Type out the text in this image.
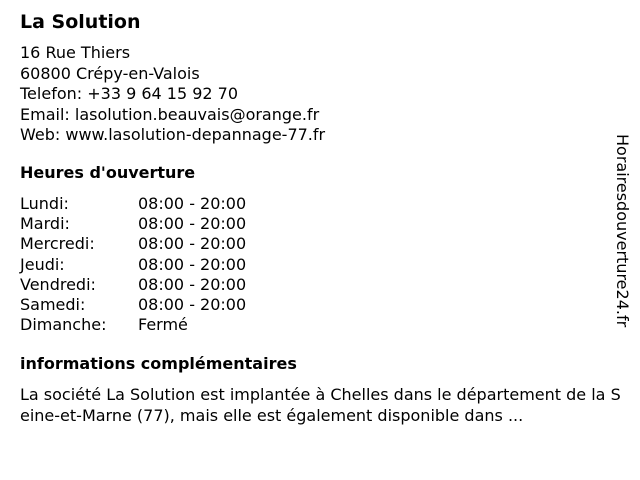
La Solution
16 Rue Thiers
60800 Crépy-en-Valois
Telefon: +33 9 64 15 92 70
Email: lasolution.beauvais@orange.fr
Web: www.lasolution-depannage-77.fr
Heures d'ouverture
Lundi:	08:00 - 20:00
Mardi:	08:00 - 20:00
Mercredi:	08:00 - 20:00
Jeudi:	08:00 - 20:00
Vendredi:	08:00 - 20:00
Samedi:	08:00 - 20:00
Dimanche:	Fermé
informations complémentaires
La société La Solution est implantée à Chelles dans le département de la Seine-et-Marne (77), mais elle est également disponible dans ...
Horairesdouverture24.fr
